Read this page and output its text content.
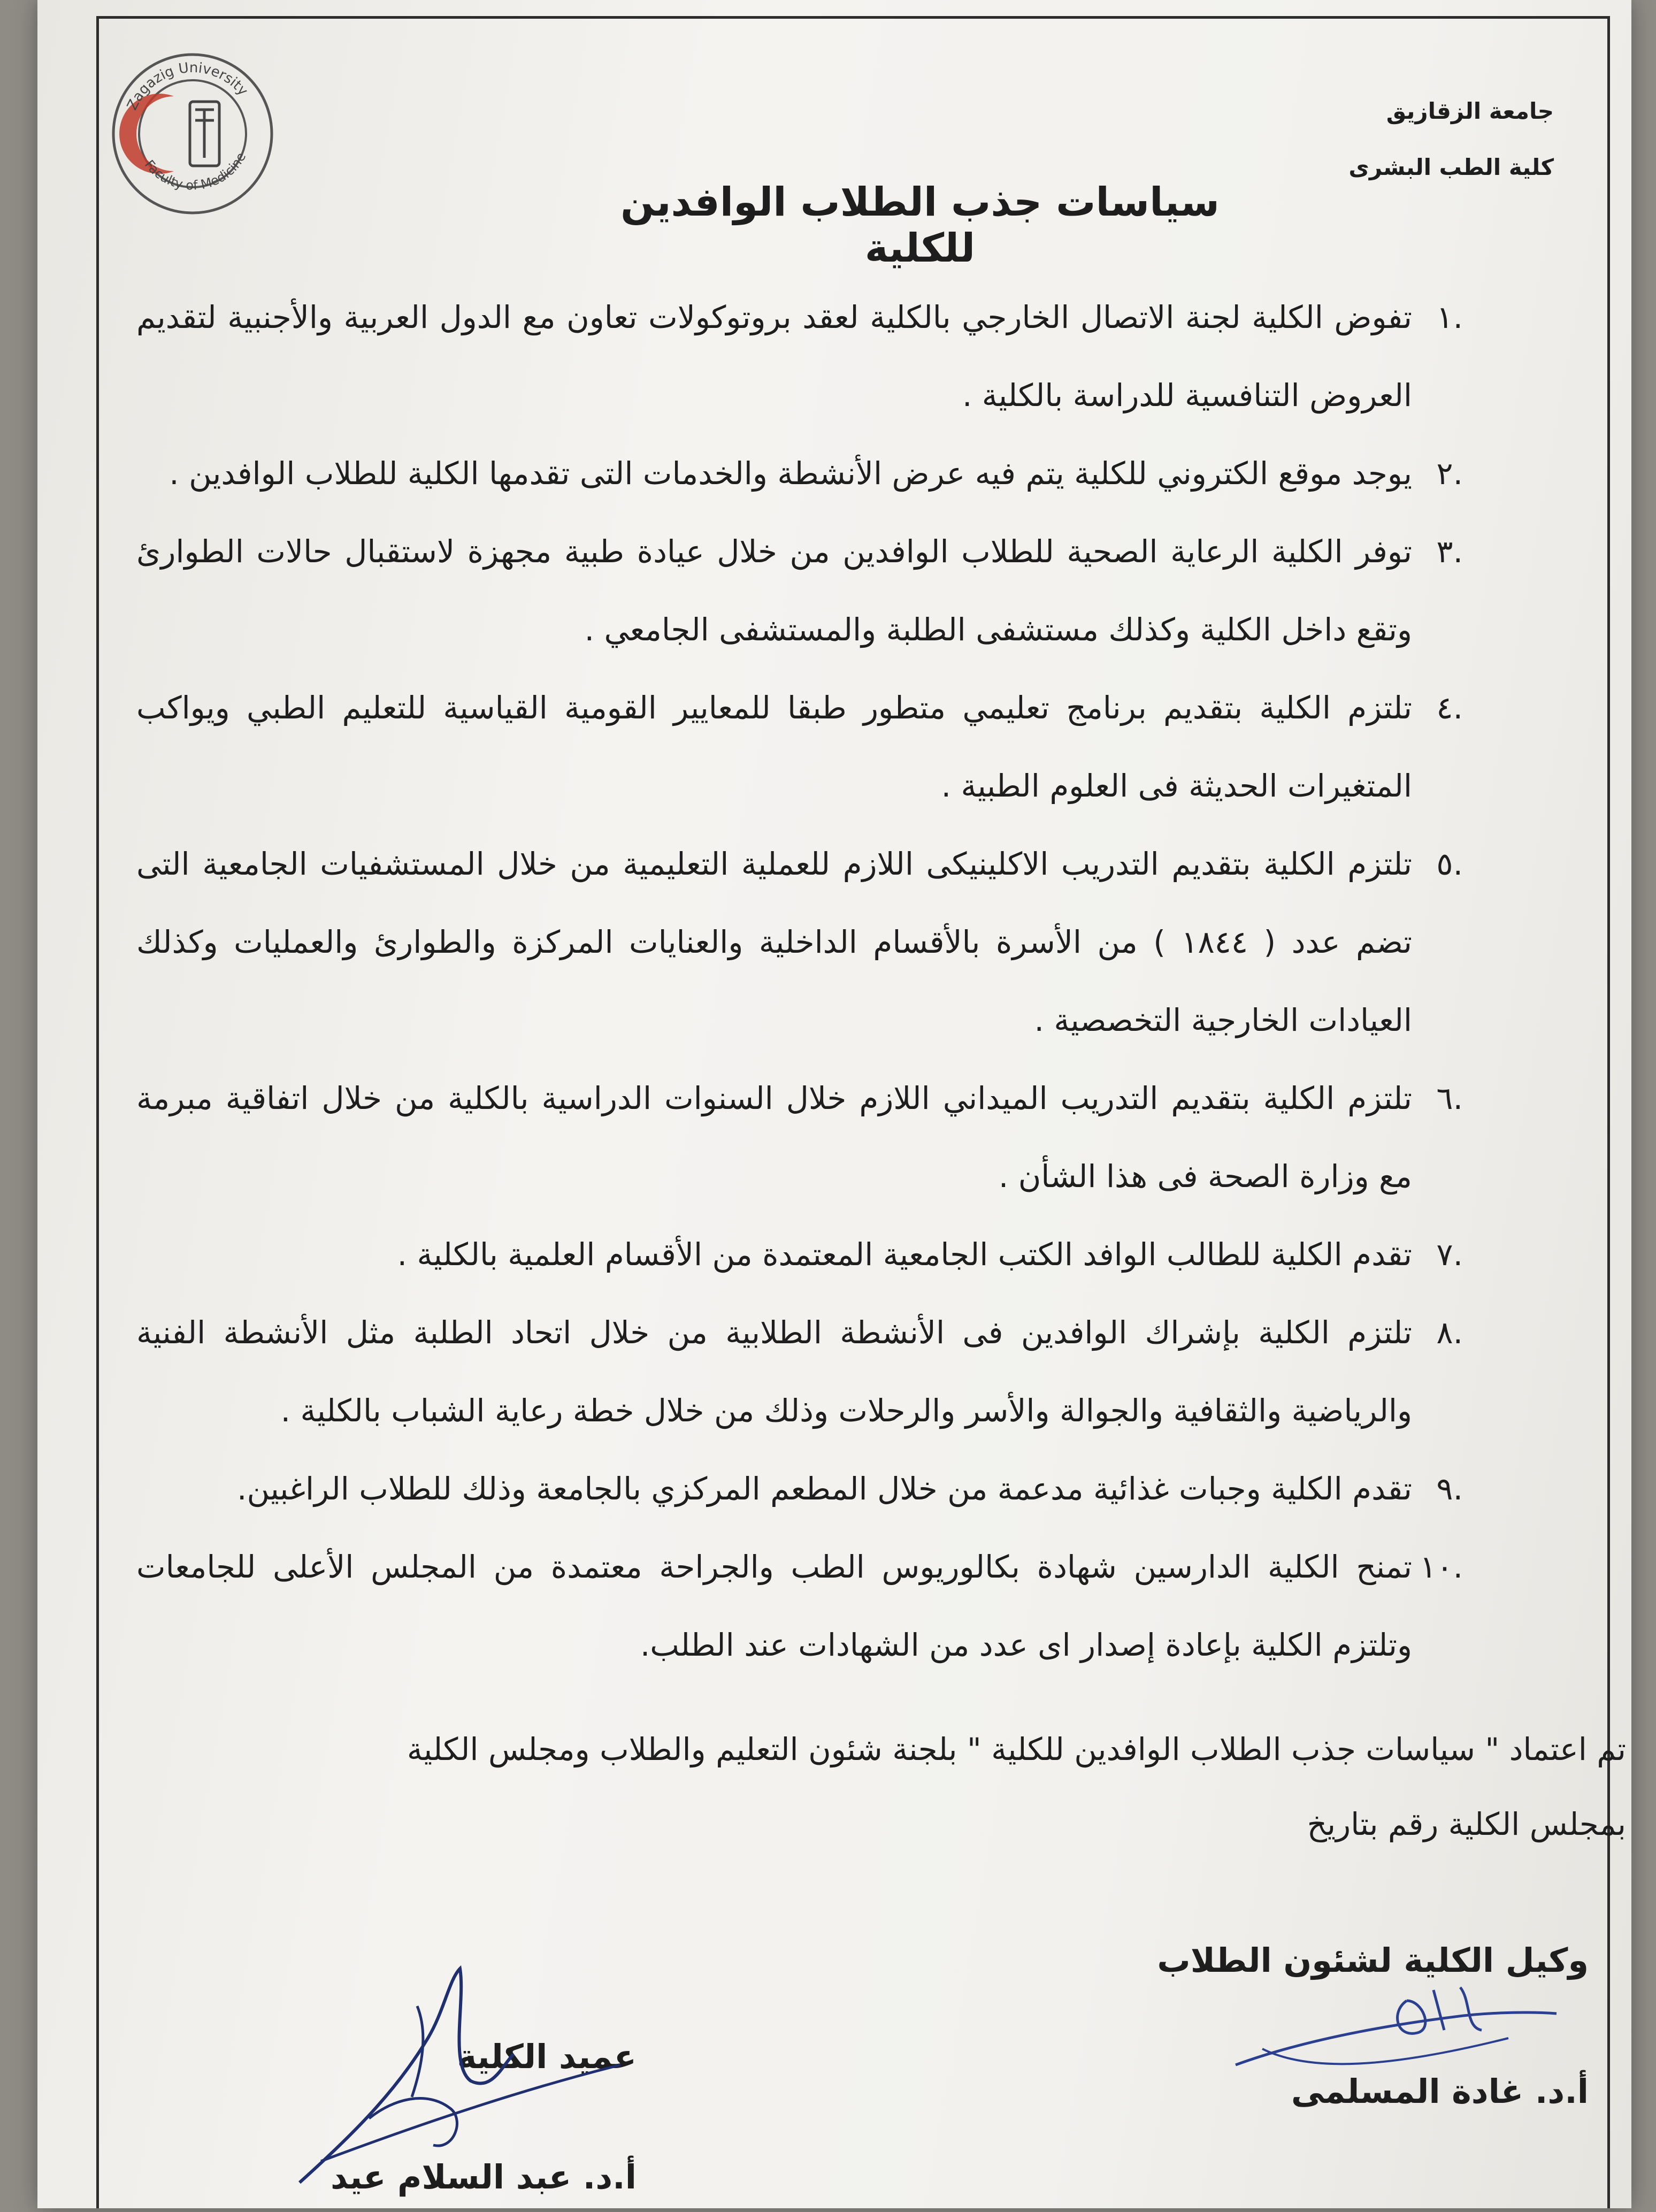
Zagazig University
Faculty of Medicine
جامعة الزقازيق
كلية الطب البشرى
سياسات جذب الطلاب الوافدين للكلية
.١
تفوض الكلية لجنة الاتصال الخارجي بالكلية لعقد بروتوكولات تعاون مع الدول العربية والأجنبية لتقديم العروض التنافسية للدراسة بالكلية .
.٢
يوجد موقع الكتروني للكلية يتم فيه عرض الأنشطة والخدمات التى تقدمها الكلية للطلاب الوافدين .
.٣
توفر الكلية الرعاية الصحية للطلاب الوافدين من خلال عيادة طبية مجهزة لاستقبال حالات الطوارئ وتقع داخل الكلية وكذلك مستشفى الطلبة والمستشفى الجامعي .
.٤
تلتزم الكلية بتقديم برنامج تعليمي متطور طبقا للمعايير القومية القياسية للتعليم الطبي ويواكب المتغيرات الحديثة فى العلوم الطبية .
.٥
تلتزم الكلية بتقديم التدريب الاكلينيكى اللازم للعملية التعليمية من خلال المستشفيات الجامعية التى تضم عدد ( ١٨٤٤ ) من الأسرة بالأقسام الداخلية والعنايات المركزة والطوارئ والعمليات وكذلك العيادات الخارجية التخصصية .
.٦
تلتزم الكلية بتقديم التدريب الميداني اللازم خلال السنوات الدراسية بالكلية من خلال اتفاقية مبرمة مع وزارة الصحة فى هذا الشأن .
.٧
تقدم الكلية للطالب الوافد الكتب الجامعية المعتمدة من الأقسام العلمية بالكلية .
.٨
تلتزم الكلية بإشراك الوافدين فى الأنشطة الطلابية من خلال اتحاد الطلبة مثل الأنشطة الفنية والرياضية والثقافية والجوالة والأسر والرحلات وذلك من خلال خطة رعاية الشباب بالكلية .
.٩
تقدم الكلية وجبات غذائية مدعمة من خلال المطعم المركزي بالجامعة وذلك للطلاب الراغبين.
.١٠
تمنح الكلية الدارسين شهادة بكالوريوس الطب والجراحة معتمدة من المجلس الأعلى للجامعات وتلتزم الكلية بإعادة إصدار اى عدد من الشهادات عند الطلب.
تم اعتماد " سياسات جذب الطلاب الوافدين للكلية " بلجنة شئون التعليم والطلاب ومجلس الكلية
بمجلس الكلية رقم بتاريخ
وكيل الكلية لشئون الطلاب
أ.د. غادة المسلمى
عميد الكلية
أ.د. عبد السلام عيد
